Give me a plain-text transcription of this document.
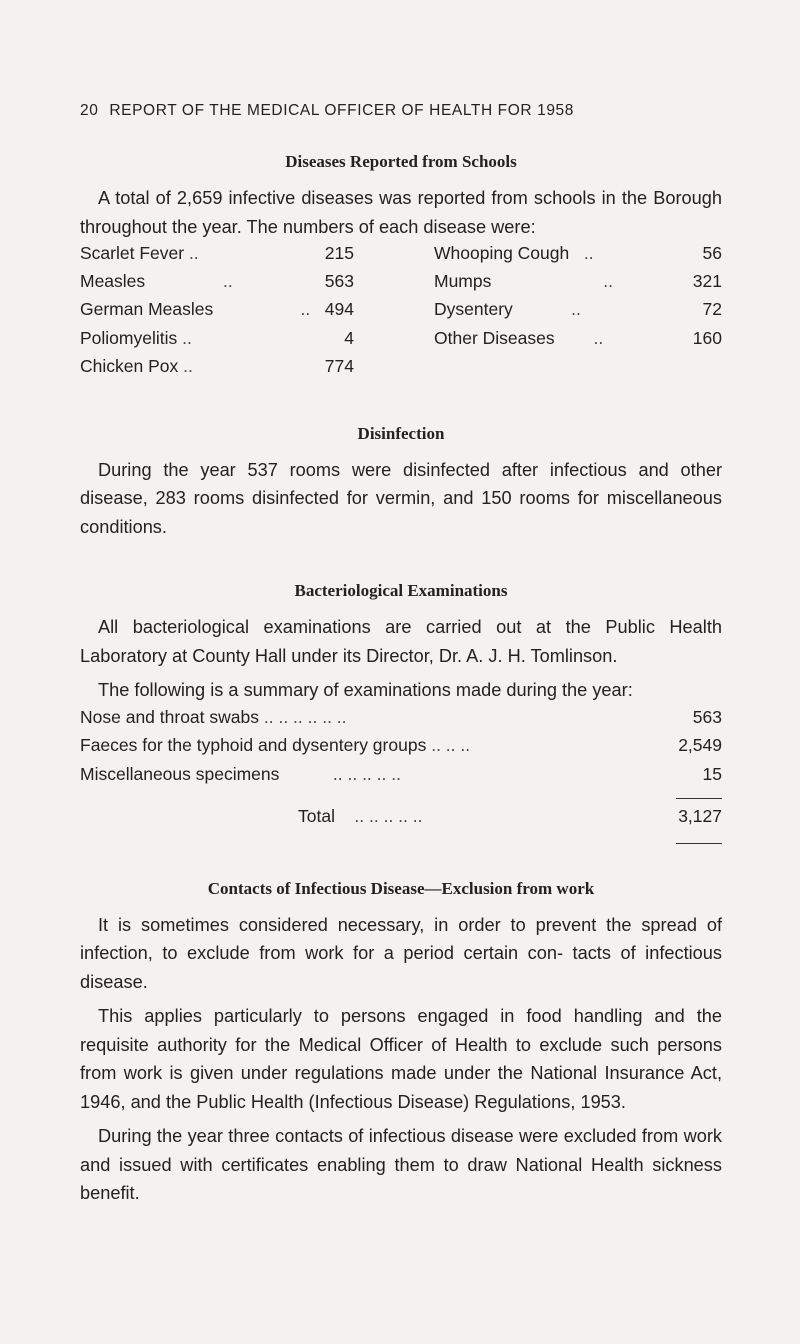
20 REPORT OF THE MEDICAL OFFICER OF HEALTH FOR 1958
Diseases Reported from Schools

A total of 2,659 infective diseases was reported from schools in the Borough throughout the year. The numbers of each disease were:

Scarlet Fever ..	215
Measles	..	563
German Measles	.. 494
Poliomyelitis ..	4
Chicken Pox ..	774
Whooping Cough ..	56
Mumps	..	321
Dysentery	..	72
Other Diseases ..	160
Disinfection

During the year 537 rooms were disinfected after infectious and other disease, 283 rooms disinfected for vermin, and 150 rooms for miscellaneous conditions.

Bacteriological Examinations

All bacteriological examinations are carried out at the Public Health Laboratory at County Hall under its Director, Dr. A. J. H. Tomlinson.

The following is a summary of examinations made during the year:

Nose and throat swabs .. .. .. .. .. ..	563
Faeces for the typhoid and dysentery groups .. .. ..	2,549
Miscellaneous specimens	.. .. .. .. ..	15
Total .. .. .. .. ..	3,127
Contacts of Infectious Disease—Exclusion from work

It is sometimes considered necessary, in order to prevent the spread of infection, to exclude from work for a period certain con- tacts of infectious disease.

This applies particularly to persons engaged in food handling and the requisite authority for the Medical Officer of Health to exclude such persons from work is given under regulations made under the National Insurance Act, 1946, and the Public Health (Infectious Disease) Regulations, 1953.

During the year three contacts of infectious disease were excluded from work and issued with certificates enabling them to draw National Health sickness benefit.
